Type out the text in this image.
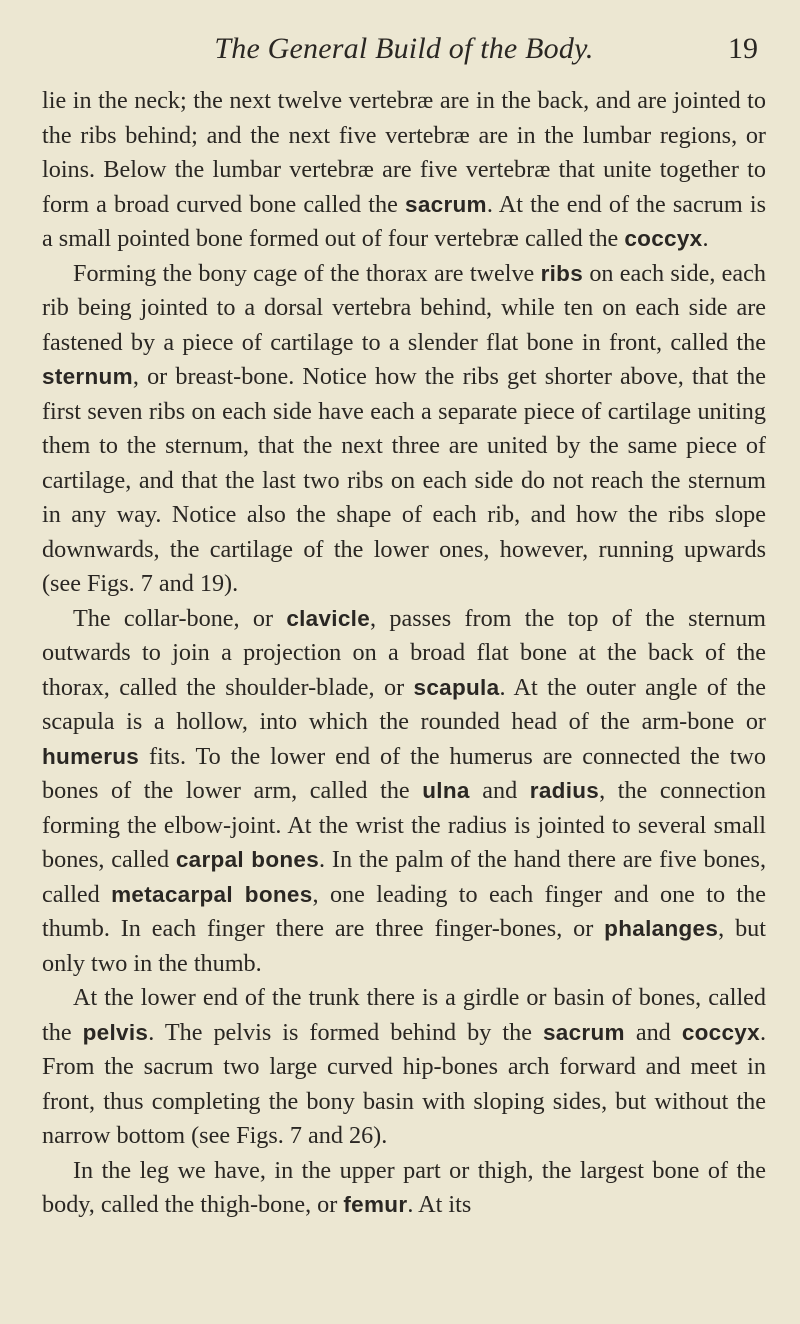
The General Build of the Body.	19

lie in the neck; the next twelve vertebræ are in the back, and are jointed to the ribs behind; and the next five vertebræ are in the lumbar regions, or loins. Below the lumbar vertebræ are five vertebræ that unite together to form a broad curved bone called the sacrum. At the end of the sacrum is a small pointed bone formed out of four vertebræ called the coccyx.

Forming the bony cage of the thorax are twelve ribs on each side, each rib being jointed to a dorsal vertebra behind, while ten on each side are fastened by a piece of cartilage to a slender flat bone in front, called the sternum, or breast-bone. Notice how the ribs get shorter above, that the first seven ribs on each side have each a separate piece of cartilage uniting them to the sternum, that the next three are united by the same piece of cartilage, and that the last two ribs on each side do not reach the sternum in any way. Notice also the shape of each rib, and how the ribs slope downwards, the cartilage of the lower ones, however, running upwards (see Figs. 7 and 19).

The collar-bone, or clavicle, passes from the top of the sternum outwards to join a projection on a broad flat bone at the back of the thorax, called the shoulder-blade, or scapula. At the outer angle of the scapula is a hollow, into which the rounded head of the arm-bone or humerus fits. To the lower end of the humerus are connected the two bones of the lower arm, called the ulna and radius, the connection forming the elbow-joint. At the wrist the radius is jointed to several small bones, called carpal bones. In the palm of the hand there are five bones, called metacarpal bones, one leading to each finger and one to the thumb. In each finger there are three finger-bones, or phalanges, but only two in the thumb.

At the lower end of the trunk there is a girdle or basin of bones, called the pelvis. The pelvis is formed behind by the sacrum and coccyx. From the sacrum two large curved hip-bones arch forward and meet in front, thus completing the bony basin with sloping sides, but without the narrow bottom (see Figs. 7 and 26).

In the leg we have, in the upper part or thigh, the largest bone of the body, called the thigh-bone, or femur. At its
